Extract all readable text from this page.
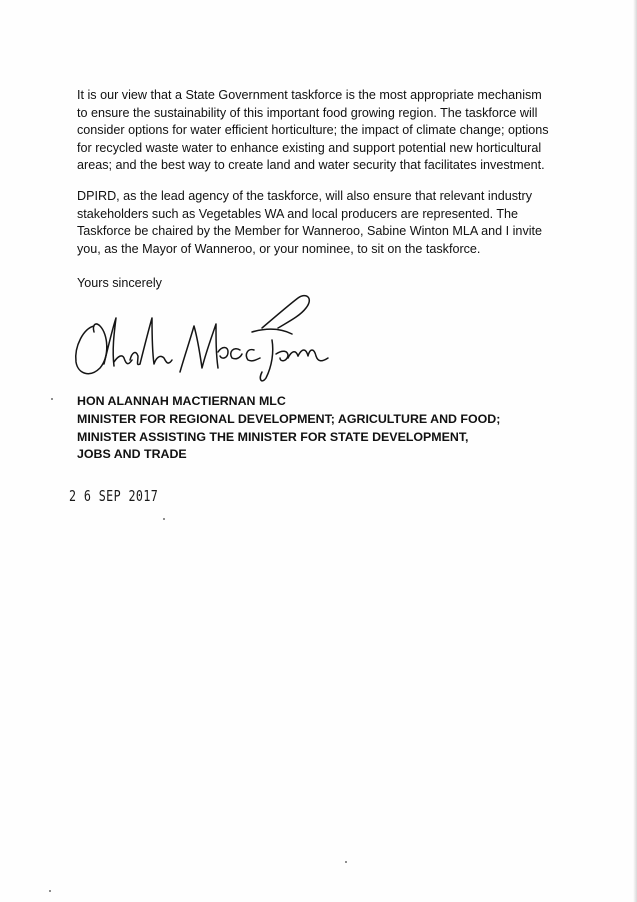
It is our view that a State Government taskforce is the most appropriate mechanism
to ensure the sustainability of this important food growing region. The taskforce will
consider options for water efficient horticulture; the impact of climate change; options
for recycled waste water to enhance existing and support potential new horticultural
areas; and the best way to create land and water security that facilitates investment.

DPIRD, as the lead agency of the taskforce, will also ensure that relevant industry
stakeholders such as Vegetables WA and local producers are represented. The
Taskforce be chaired by the Member for Wanneroo, Sabine Winton MLA and I invite
you, as the Mayor of Wanneroo, or your nominee, to sit on the taskforce.

Yours sincerely

HON ALANNAH MACTIERNAN MLC
MINISTER FOR REGIONAL DEVELOPMENT; AGRICULTURE AND FOOD;
MINISTER ASSISTING THE MINISTER FOR STATE DEVELOPMENT,
JOBS AND TRADE
2 6 SEP 2017
